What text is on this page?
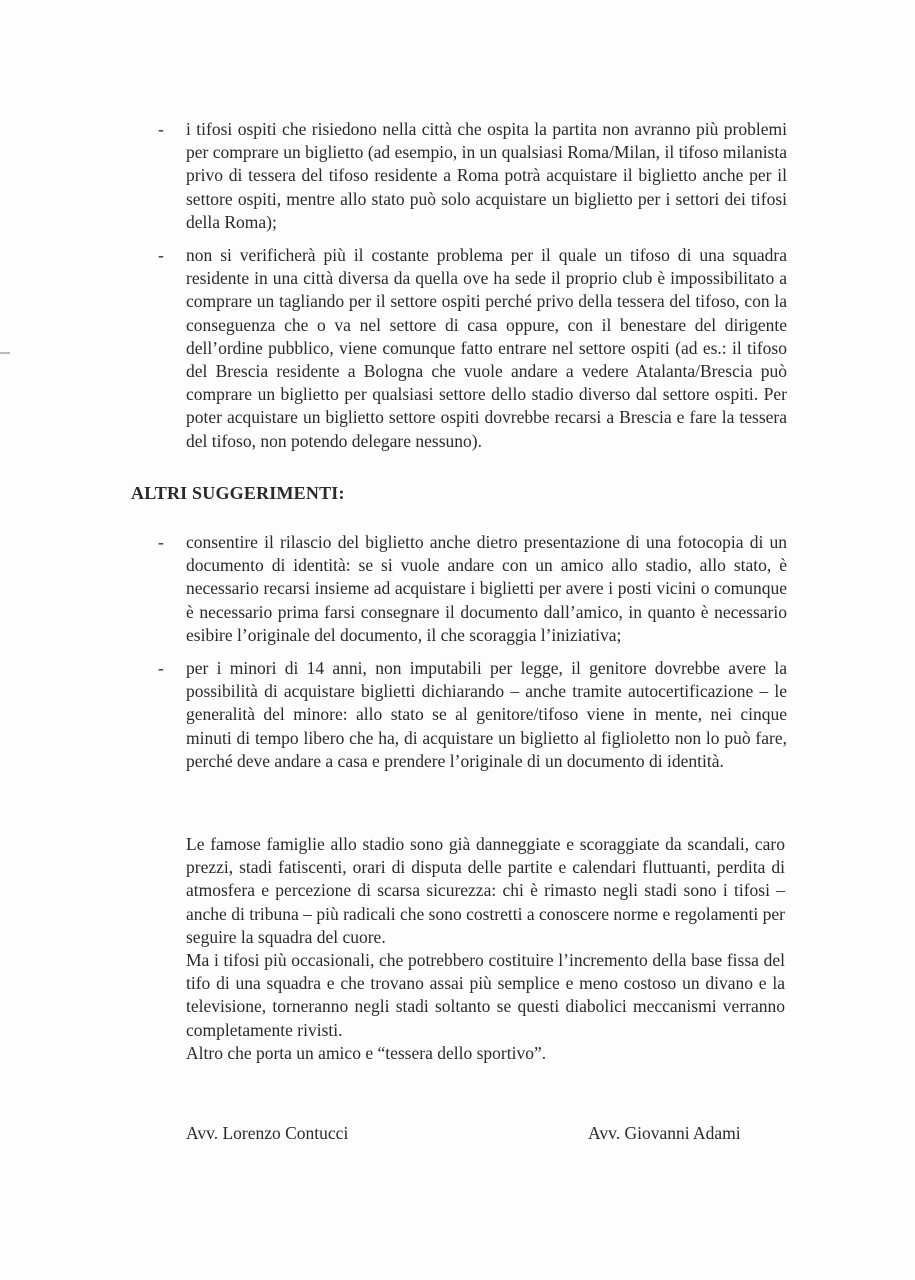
- i tifosi ospiti che risiedono nella città che ospita la partita non avranno più problemi per comprare un biglietto (ad esempio, in un qualsiasi Roma/Milan, il tifoso milanista privo di tessera del tifoso residente a Roma potrà acquistare il biglietto anche per il settore ospiti, mentre allo stato può solo acquistare un biglietto per i settori dei tifosi della Roma);

- non si verificherà più il costante problema per il quale un tifoso di una squadra residente in una città diversa da quella ove ha sede il proprio club è impossibilitato a comprare un tagliando per il settore ospiti perché privo della tessera del tifoso, con la conseguenza che o va nel settore di casa oppure, con il benestare del dirigente dell’ordine pubblico, viene comunque fatto entrare nel settore ospiti (ad es.: il tifoso del Brescia residente a Bologna che vuole andare a vedere Atalanta/Brescia può comprare un biglietto per qualsiasi settore dello stadio diverso dal settore ospiti. Per poter acquistare un biglietto settore ospiti dovrebbe recarsi a Brescia e fare la tessera del tifoso, non potendo delegare nessuno).

ALTRI SUGGERIMENTI:

- consentire il rilascio del biglietto anche dietro presentazione di una fotocopia di un documento di identità: se si vuole andare con un amico allo stadio, allo stato, è necessario recarsi insieme ad acquistare i biglietti per avere i posti vicini o comunque è necessario prima farsi consegnare il documento dall’amico, in quanto è necessario esibire l’originale del documento, il che scoraggia l’iniziativa;

- per i minori di 14 anni, non imputabili per legge, il genitore dovrebbe avere la possibilità di acquistare biglietti dichiarando – anche tramite autocertificazione – le generalità del minore: allo stato se al genitore/tifoso viene in mente, nei cinque minuti di tempo libero che ha, di acquistare un biglietto al figlioletto non lo può fare, perché deve andare a casa e prendere l’originale di un documento di identità.

Le famose famiglie allo stadio sono già danneggiate e scoraggiate da scandali, caro prezzi, stadi fatiscenti, orari di disputa delle partite e calendari fluttuanti, perdita di atmosfera e percezione di scarsa sicurezza: chi è rimasto negli stadi sono i tifosi – anche di tribuna – più radicali che sono costretti a conoscere norme e regolamenti per seguire la squadra del cuore.

Ma i tifosi più occasionali, che potrebbero costituire l’incremento della base fissa del tifo di una squadra e che trovano assai più semplice e meno costoso un divano e la televisione, torneranno negli stadi soltanto se questi diabolici meccanismi verranno completamente rivisti.

Altro che porta un amico e “tessera dello sportivo”.

Avv. Lorenzo Contucci	Avv. Giovanni Adami
